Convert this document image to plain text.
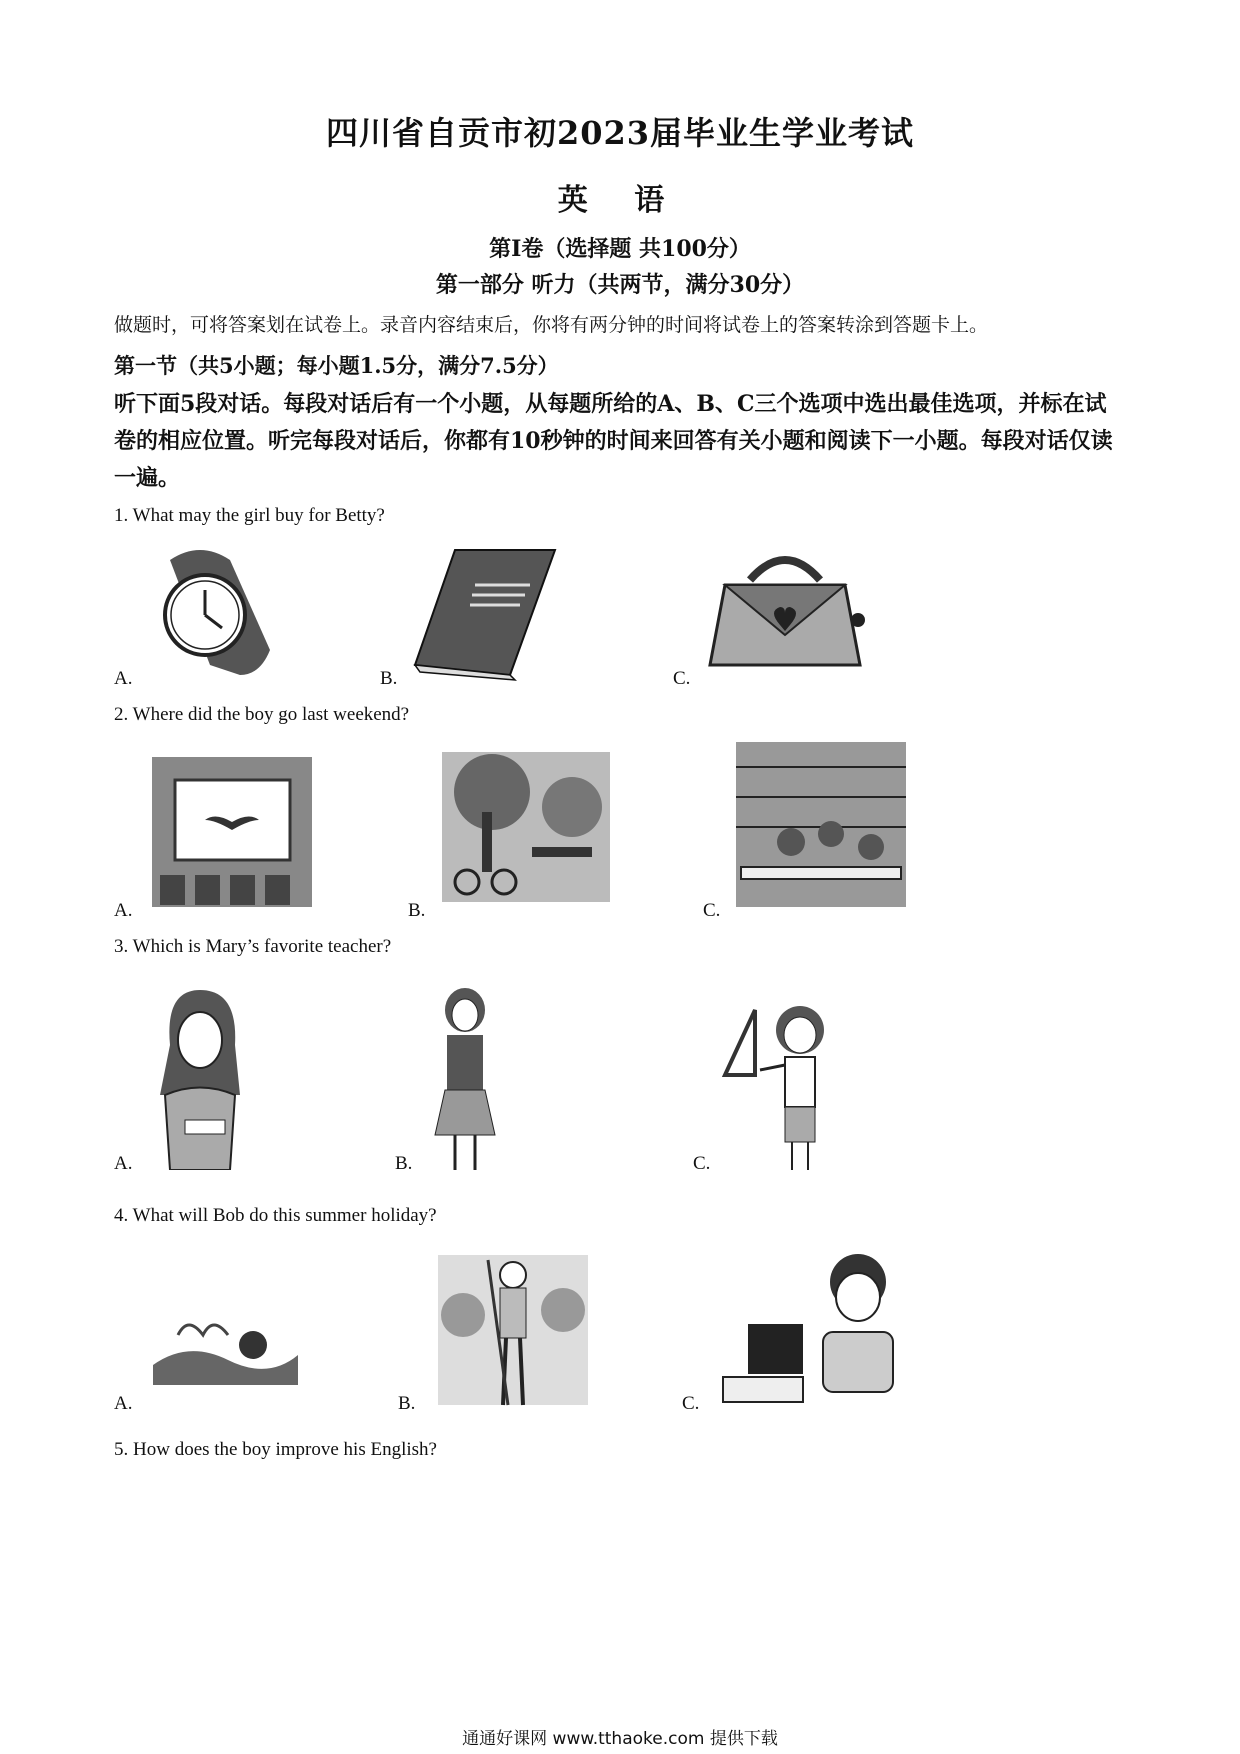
四川省自贡市初2023届毕业生学业考试
英 语
第I卷（选择题 共100分）
第一部分 听力（共两节，满分30分）
做题时，可将答案划在试卷上。录音内容结束后，你将有两分钟的时间将试卷上的答案转涂到答题卡上。
第一节（共5小题；每小题1.5分，满分7.5分）
听下面5段对话。每段对话后有一个小题，从每题所给的A、B、C三个选项中选出最佳选项，并标在试卷的相应位置。听完每段对话后，你都有10秒钟的时间来回答有关小题和阅读下一小题。每段对话仅读一遍。
1. What may the girl buy for Betty?
A.	B.	C.
2. Where did the boy go last weekend?
A.	B.	C.
3. Which is Mary’s favorite teacher?
A.	B.	C.
4. What will Bob do this summer holiday?
A.	B.	C.
5. How does the boy improve his English?
通通好课网 www.tthaoke.com 提供下载
